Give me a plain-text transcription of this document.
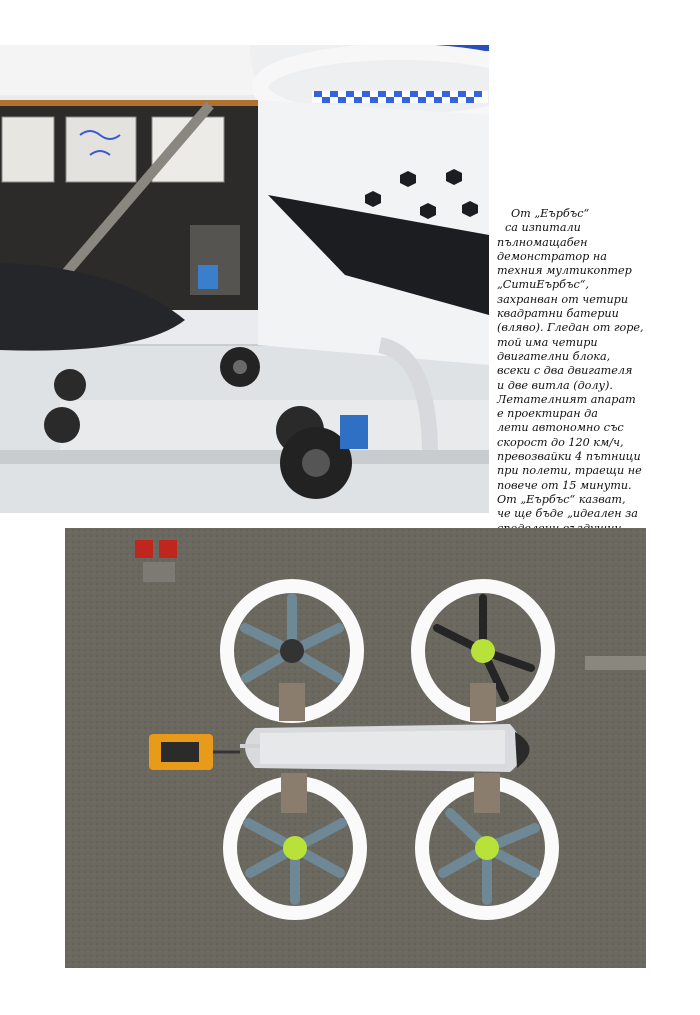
От „Еърбъс“
са изпитали
пълномащабен
демонстратор на
техния мултикоптер
„СитиЕърбъс“,
захранван от четири
квадратни батерии
(вляво). Гледан от горе,
той има четири
двигателни блока,
всеки с два двигателя
и две витла (долу).
Летателният апарат
е проектиран да
лети автономно със
скорост до 120 км/ч,
превозвайки 4 пътници
при полети, траещи не
повече от 15 минути.
От „Еърбъс“ казват,
че ще бъде „идеален за
